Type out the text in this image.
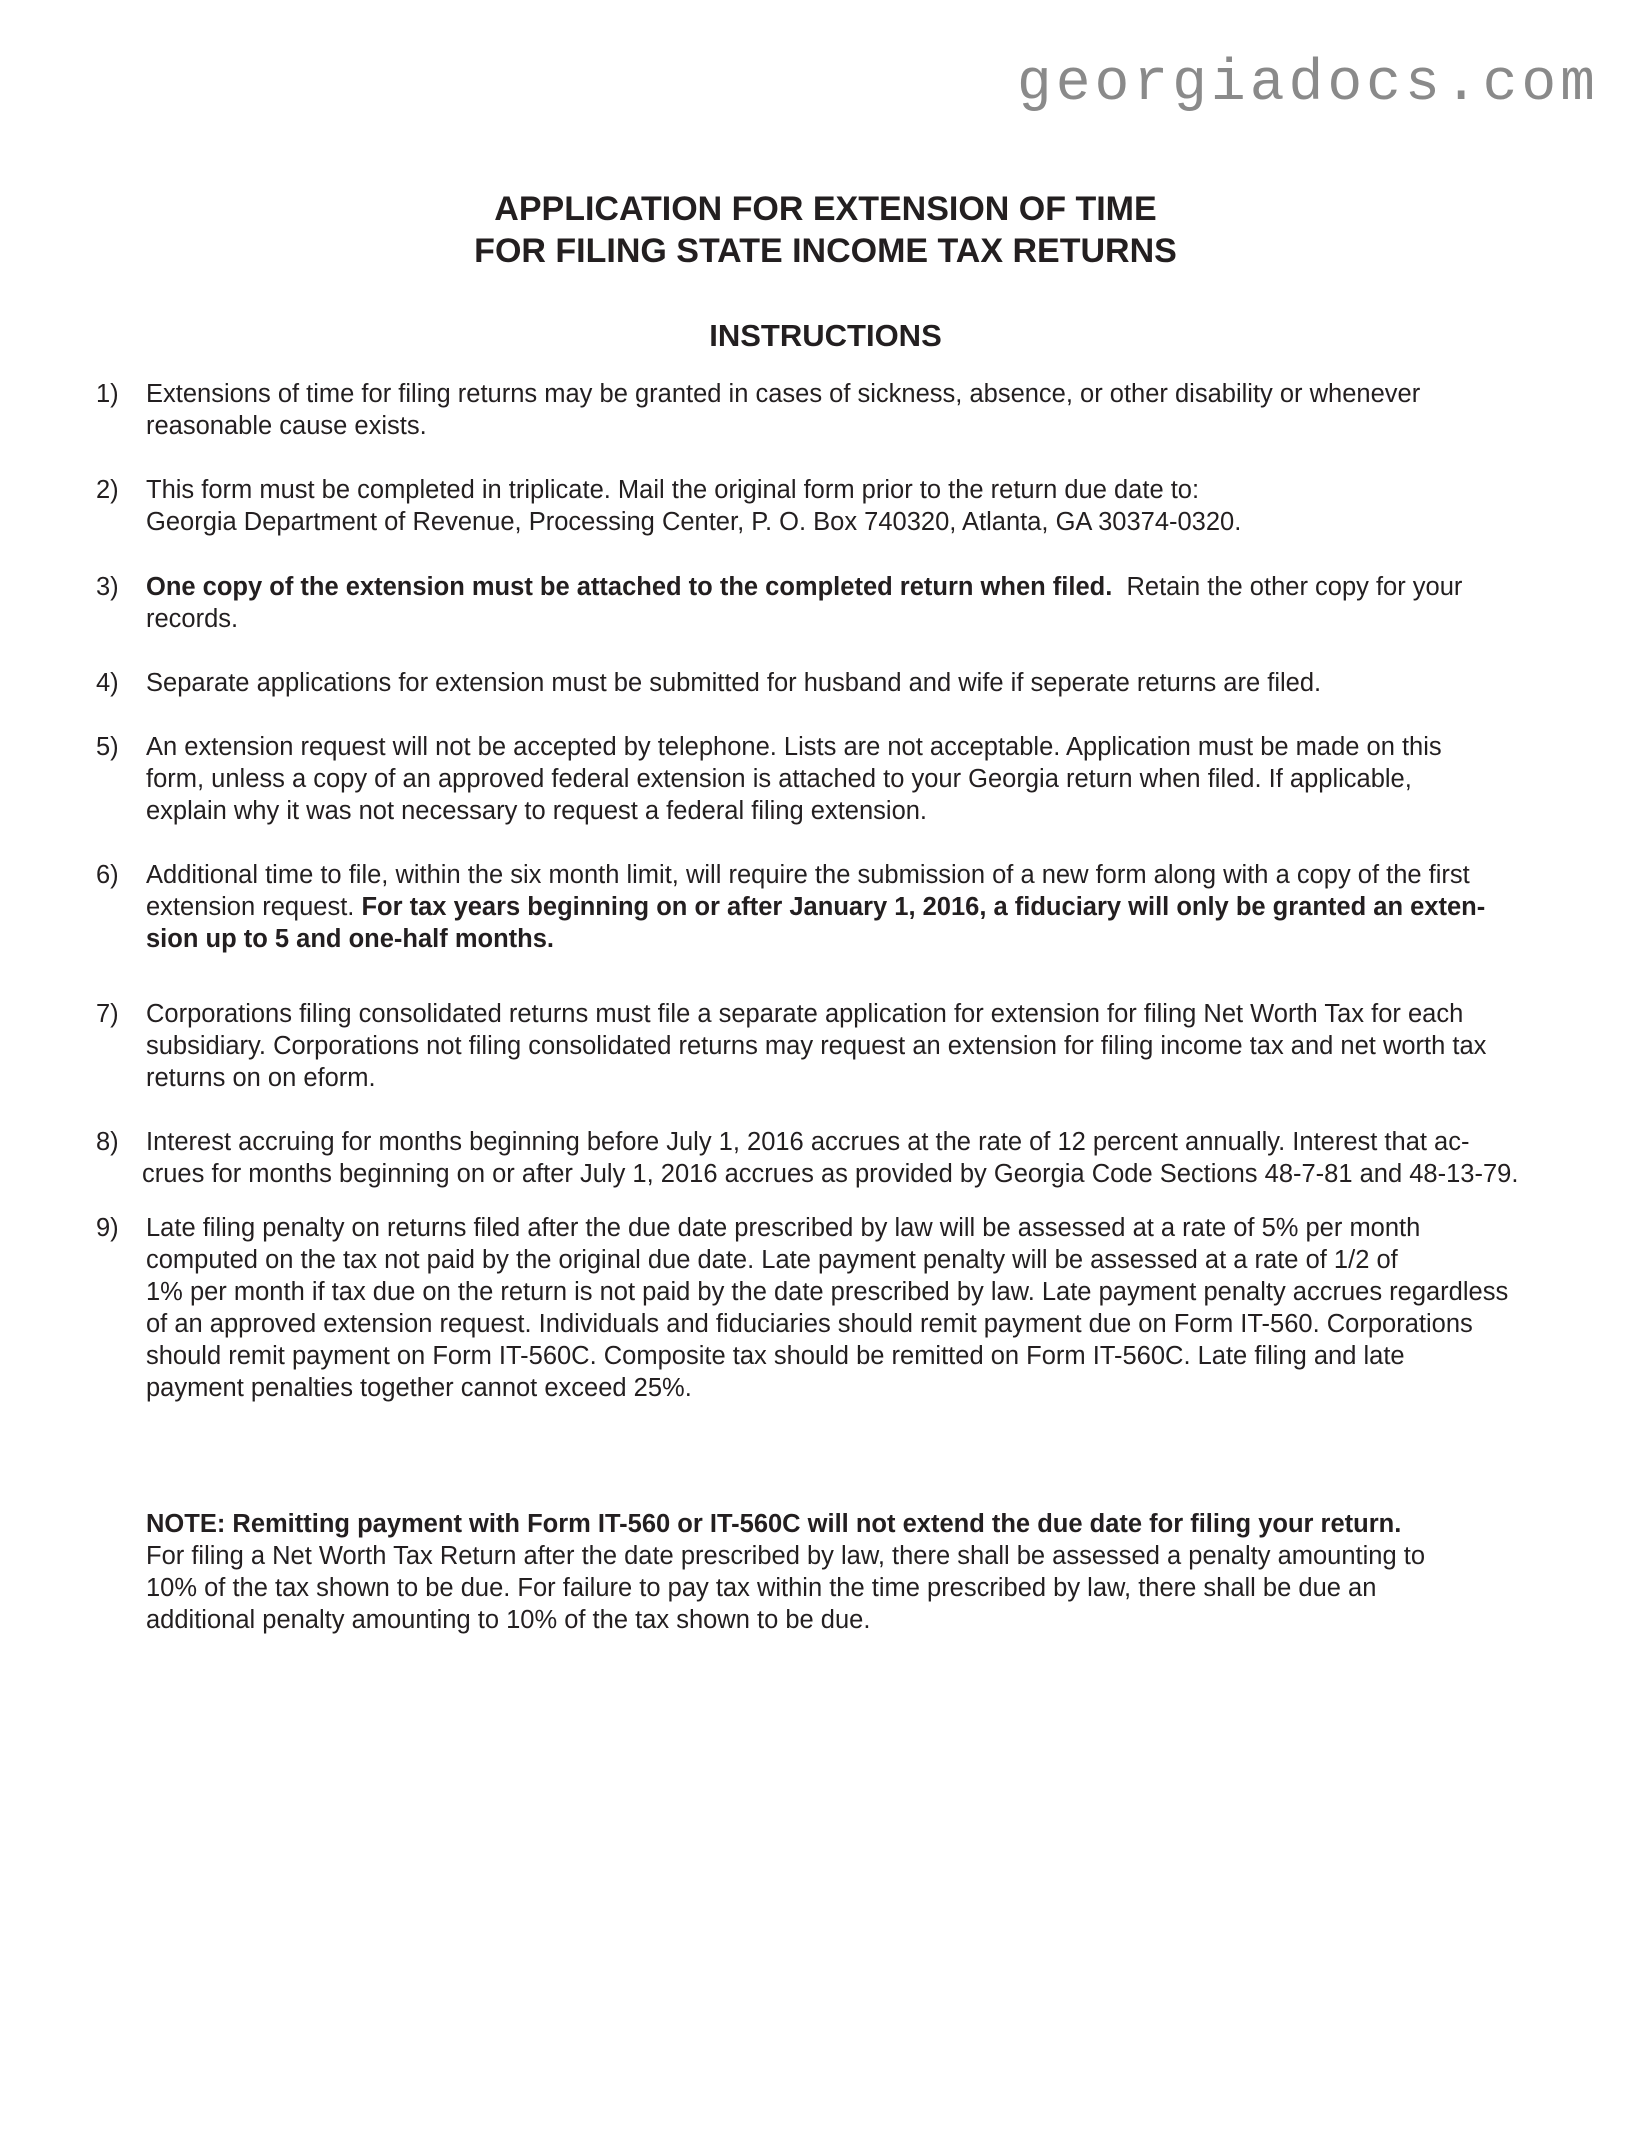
georgiadocs.com
APPLICATION FOR EXTENSION OF TIME
FOR FILING STATE INCOME TAX RETURNS
INSTRUCTIONS
1) Extensions of time for filing returns may be granted in cases of sickness, absence, or other disability or whenever
reasonable cause exists.
2) This form must be completed in triplicate. Mail the original form prior to the return due date to:
Georgia Department of Revenue, Processing Center, P. O. Box 740320, Atlanta, GA 30374-0320.
3) One copy of the extension must be attached to the completed return when filed.  Retain the other copy for your
records.
4) Separate applications for extension must be submitted for husband and wife if seperate returns are filed.
5) An extension request will not be accepted by telephone. Lists are not acceptable. Application must be made on this
form, unless a copy of an approved federal extension is attached to your Georgia return when filed. If applicable,
explain why it was not necessary to request a federal filing extension.
6) Additional time to file, within the six month limit, will require the submission of a new form along with a copy of the first
extension request. For tax years beginning on or after January 1, 2016, a fiduciary will only be granted an exten-
sion up to 5 and one-half months.
7) Corporations filing consolidated returns must file a separate application for extension for filing Net Worth Tax for each
subsidiary. Corporations not filing consolidated returns may request an extension for filing income tax and net worth tax
returns on on eform.
8) Interest accruing for months beginning before July 1, 2016 accrues at the rate of 12 percent annually. Interest that ac-
crues for months beginning on or after July 1, 2016 accrues as provided by Georgia Code Sections 48-7-81 and 48-13-79.
9) Late filing penalty on returns filed after the due date prescribed by law will be assessed at a rate of 5% per month
computed on the tax not paid by the original due date. Late payment penalty will be assessed at a rate of 1/2 of
1% per month if tax due on the return is not paid by the date prescribed by law. Late payment penalty accrues regardless
of an approved extension request. Individuals and fiduciaries should remit payment due on Form IT-560. Corporations
should remit payment on Form IT-560C. Composite tax should be remitted on Form IT-560C. Late filing and late
payment penalties together cannot exceed 25%.
NOTE: Remitting payment with Form IT-560 or IT-560C will not extend the due date for filing your return.
For filing a Net Worth Tax Return after the date prescribed by law, there shall be assessed a penalty amounting to
10% of the tax shown to be due. For failure to pay tax within the time prescribed by law, there shall be due an
additional penalty amounting to 10% of the tax shown to be due.
